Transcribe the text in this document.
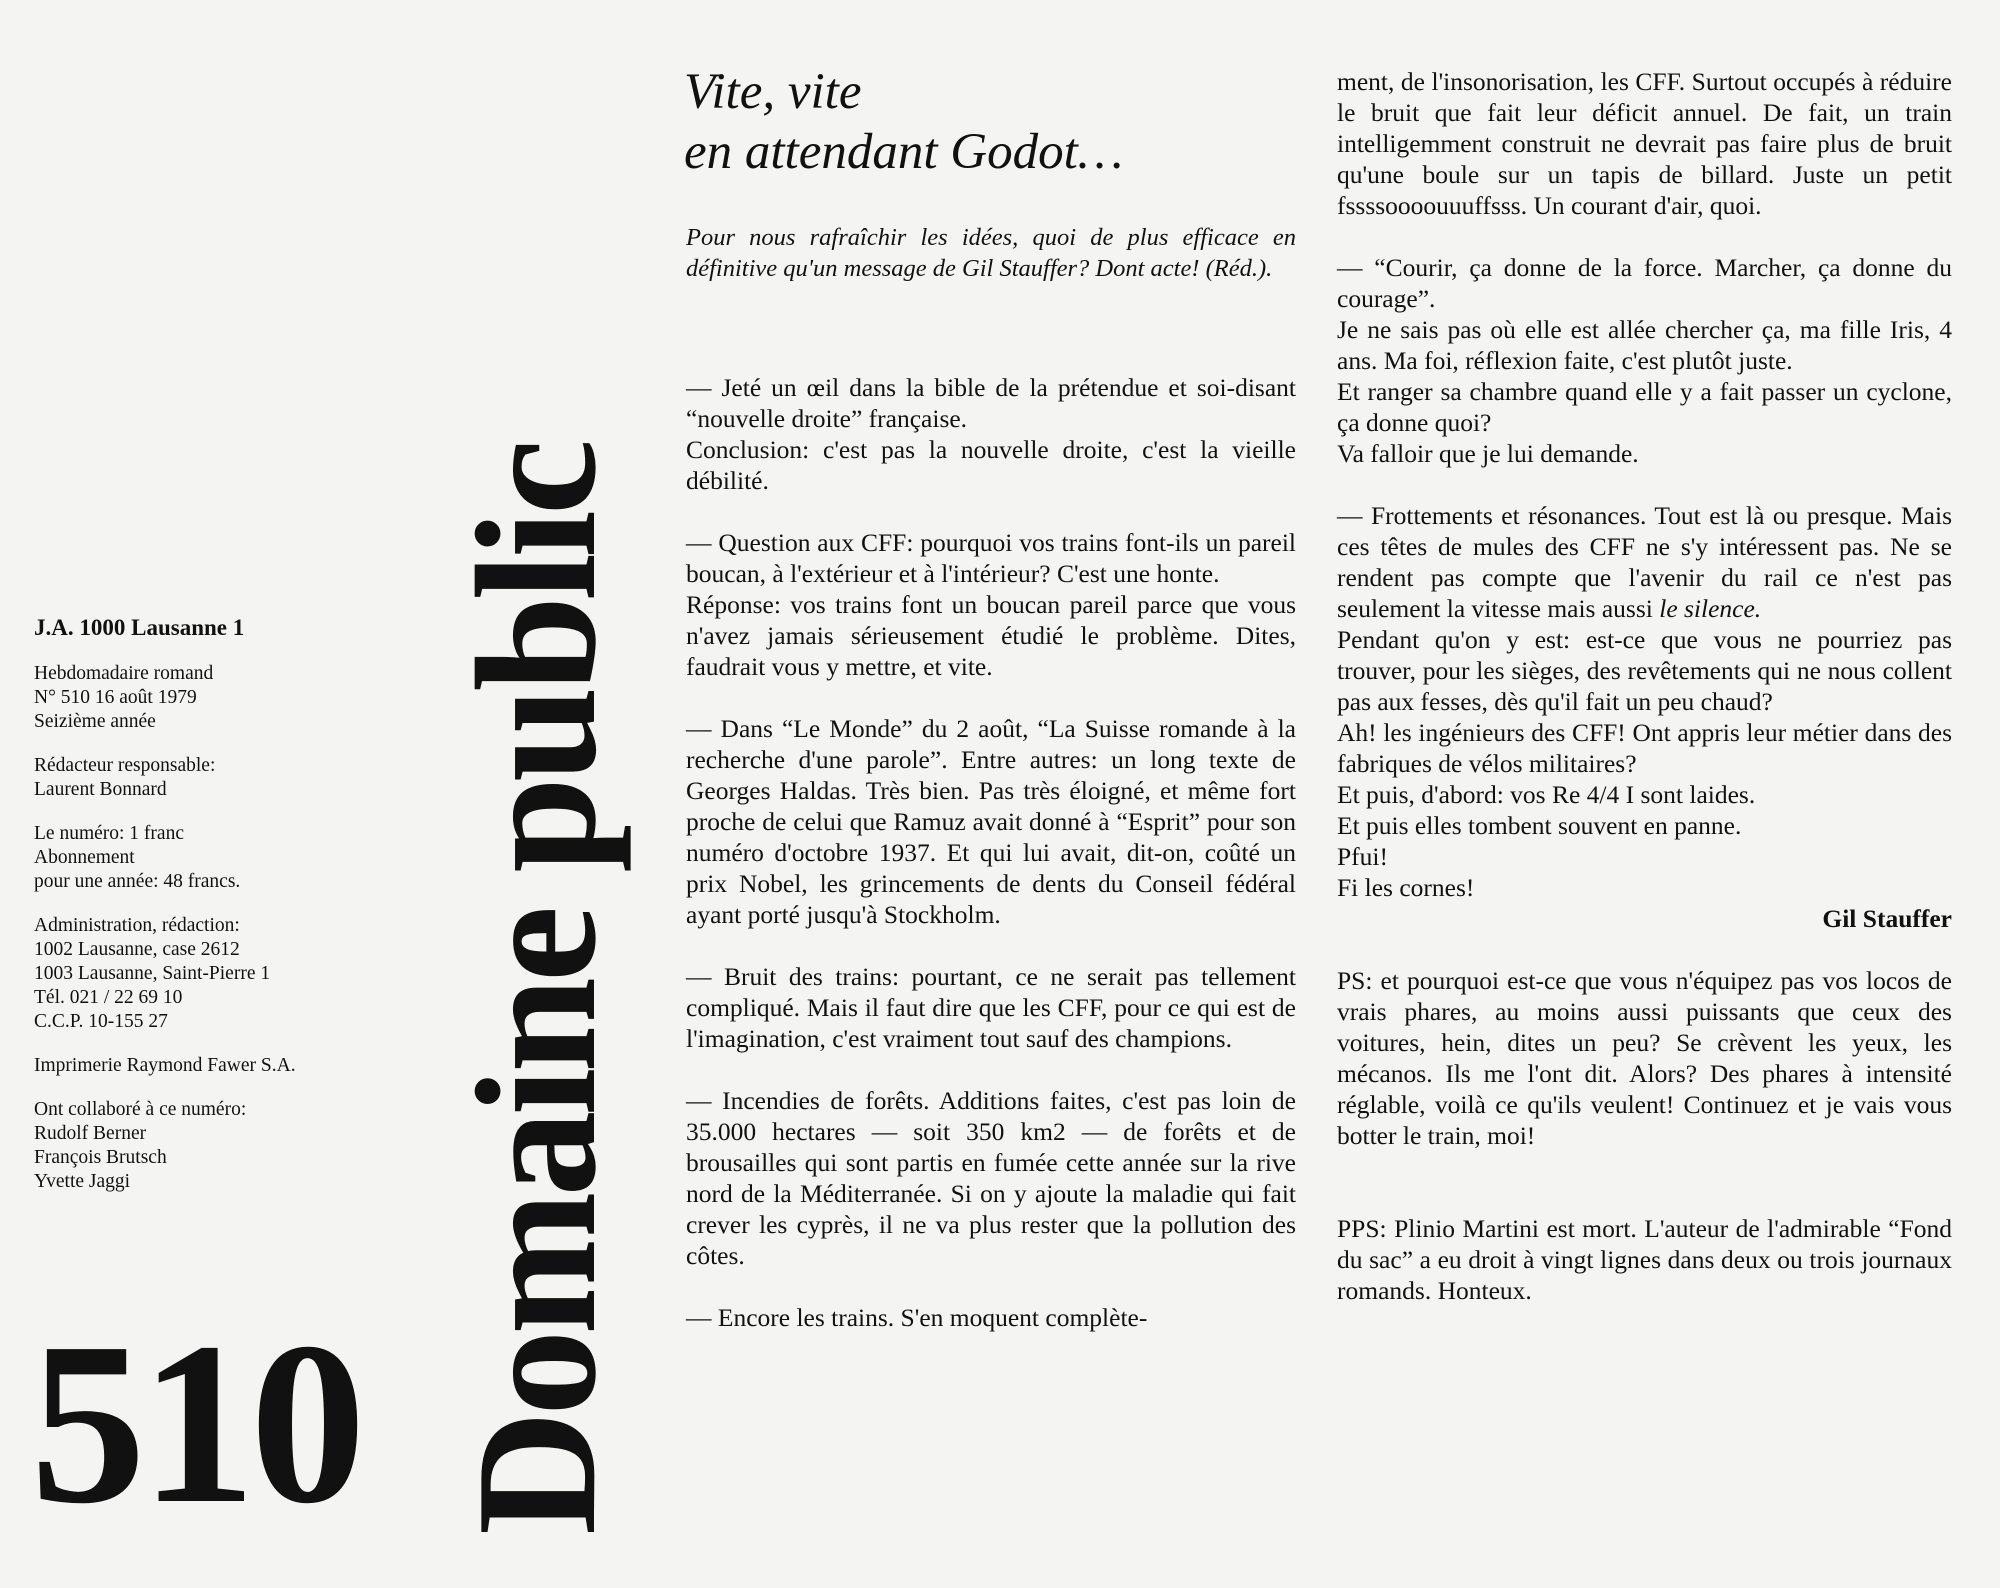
J.A. 1000 Lausanne 1
Hebdomadaire romand
N° 510 16 août 1979
Seizième année
Rédacteur responsable:
Laurent Bonnard
Le numéro: 1 franc
Abonnement
pour une année: 48 francs.
Administration, rédaction:
1002 Lausanne, case 2612
1003 Lausanne, Saint-Pierre 1
Tél. 021 / 22 69 10
C.C.P. 10-155 27
Imprimerie Raymond Fawer S.A.
Ont collaboré à ce numéro:
Rudolf Berner
François Brutsch
Yvette Jaggi
510 Domaine public
Vite, vite
en attendant Godot…
Pour nous rafraîchir les idées, quoi de plus efficace en définitive qu'un message de Gil Stauffer? Dont acte! (Réd.).

— Jeté un œil dans la bible de la prétendue et soi-disant “nouvelle droite” française.

Conclusion: c'est pas la nouvelle droite, c'est la vieille débilité.

— Question aux CFF: pourquoi vos trains font-ils un pareil boucan, à l'extérieur et à l'intérieur? C'est une honte.

Réponse: vos trains font un boucan pareil parce que vous n'avez jamais sérieusement étudié le problème. Dites, faudrait vous y mettre, et vite.

— Dans “Le Monde” du 2 août, “La Suisse romande à la recherche d'une parole”. Entre autres: un long texte de Georges Haldas. Très bien. Pas très éloigné, et même fort proche de celui que Ramuz avait donné à “Esprit” pour son numéro d'octobre 1937. Et qui lui avait, dit-on, coûté un prix Nobel, les grincements de dents du Conseil fédéral ayant porté jusqu'à Stockholm.

— Bruit des trains: pourtant, ce ne serait pas tellement compliqué. Mais il faut dire que les CFF, pour ce qui est de l'imagination, c'est vraiment tout sauf des champions.

— Incendies de forêts. Additions faites, c'est pas loin de 35.000 hectares — soit 350 km2 — de forêts et de brousailles qui sont partis en fumée cette année sur la rive nord de la Méditerranée. Si on y ajoute la maladie qui fait crever les cyprès, il ne va plus rester que la pollution des côtes.

— Encore les trains. S'en moquent complète-

ment, de l'insonorisation, les CFF. Surtout occupés à réduire le bruit que fait leur déficit annuel. De fait, un train intelligemment construit ne devrait pas faire plus de bruit qu'une boule sur un tapis de billard. Juste un petit fssssoooouuuffsss. Un courant d'air, quoi.

— “Courir, ça donne de la force. Marcher, ça donne du courage”.

Je ne sais pas où elle est allée chercher ça, ma fille Iris, 4 ans. Ma foi, réflexion faite, c'est plutôt juste.

Et ranger sa chambre quand elle y a fait passer un cyclone, ça donne quoi?

Va falloir que je lui demande.

— Frottements et résonances. Tout est là ou presque. Mais ces têtes de mules des CFF ne s'y intéressent pas. Ne se rendent pas compte que l'avenir du rail ce n'est pas seulement la vitesse mais aussi le silence.

Pendant qu'on y est: est-ce que vous ne pourriez pas trouver, pour les sièges, des revêtements qui ne nous collent pas aux fesses, dès qu'il fait un peu chaud?

Ah! les ingénieurs des CFF! Ont appris leur métier dans des fabriques de vélos militaires?

Et puis, d'abord: vos Re 4/4 I sont laides.

Et puis elles tombent souvent en panne.

Pfui!

Fi les cornes!

Gil Stauffer

PS: et pourquoi est-ce que vous n'équipez pas vos locos de vrais phares, au moins aussi puissants que ceux des voitures, hein, dites un peu? Se crèvent les yeux, les mécanos. Ils me l'ont dit. Alors? Des phares à intensité réglable, voilà ce qu'ils veulent! Continuez et je vais vous botter le train, moi!

PPS: Plinio Martini est mort. L'auteur de l'admirable “Fond du sac” a eu droit à vingt lignes dans deux ou trois journaux romands. Honteux.
